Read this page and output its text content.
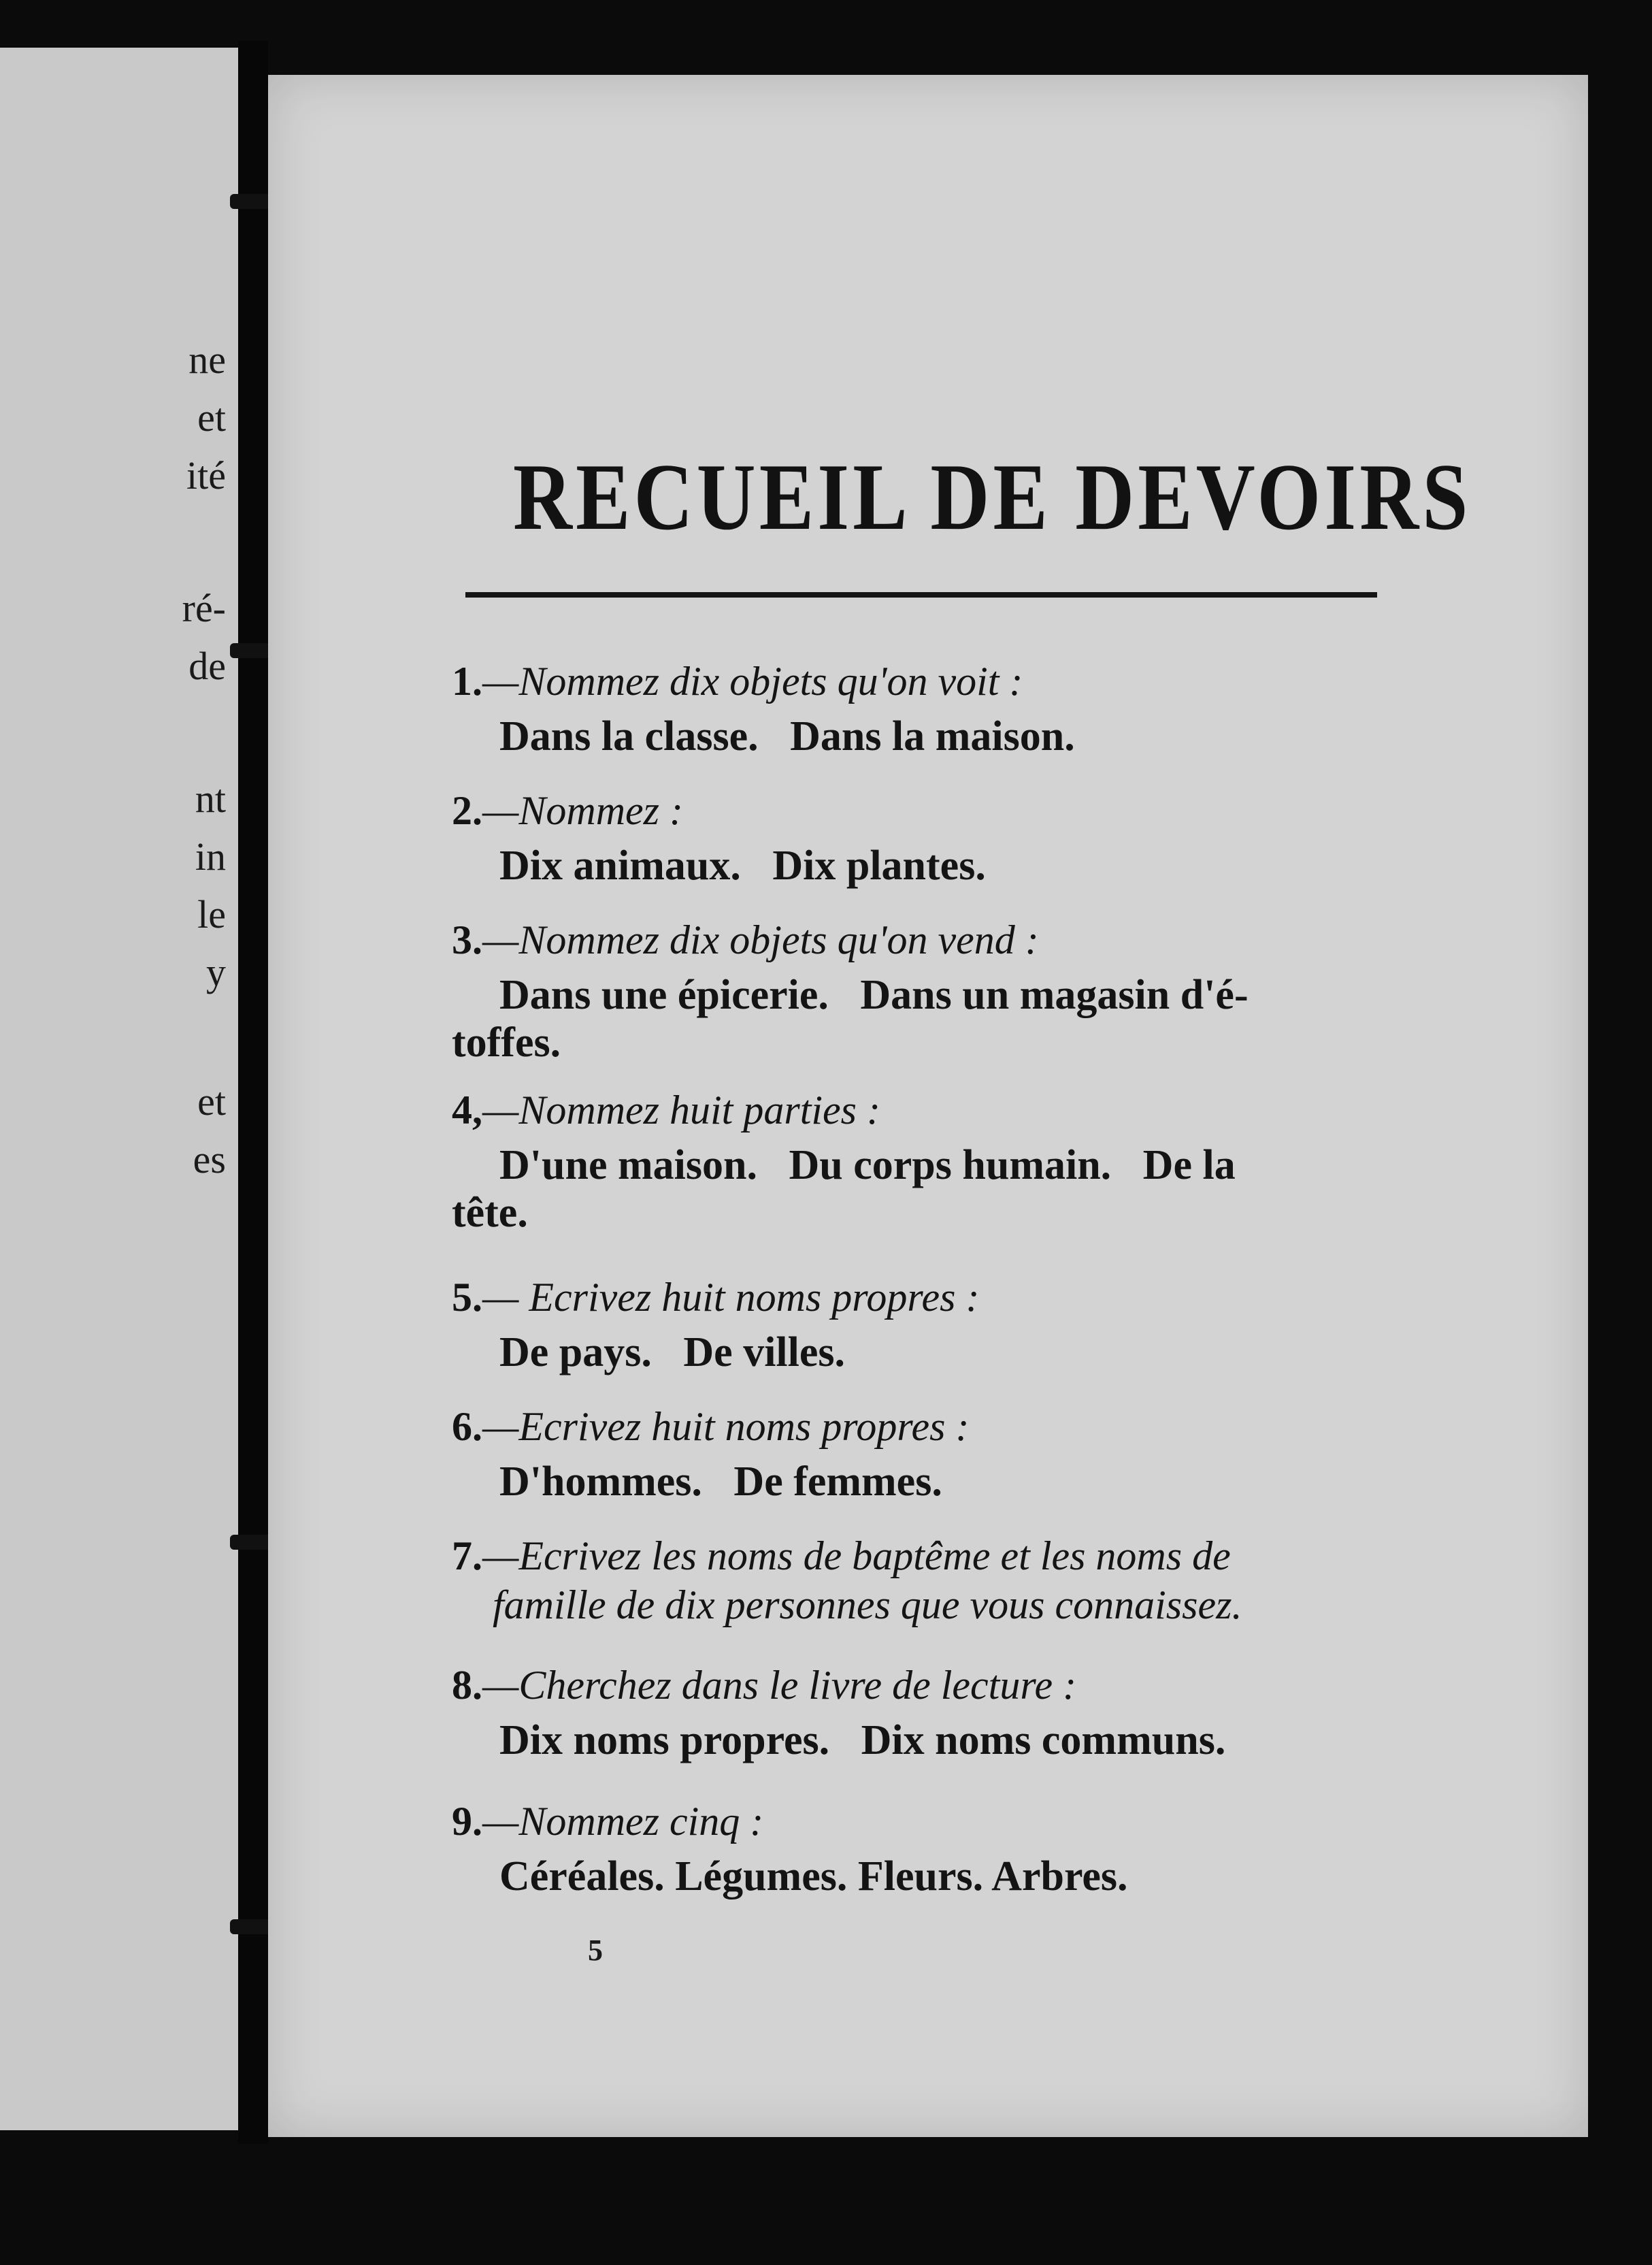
ne
et
ité
ré-
de
nt
in
le
y
et
es
RECUEIL DE DEVOIRS
1.—Nommez dix objets qu'on voit :
Dans la classe.   Dans la maison.
2.—Nommez :
Dix animaux.   Dix plantes.
3.—Nommez dix objets qu'on vend :
Dans une épicerie.   Dans un magasin d'é-
toffes.
4,—Nommez huit parties :
D'une maison.   Du corps humain.   De la
tête.
5.— Ecrivez huit noms propres :
De pays.   De villes.
6.—Ecrivez huit noms propres :
D'hommes.   De femmes.
7.—Ecrivez les noms de baptême et les noms de
famille de dix personnes que vous connaissez.
8.—Cherchez dans le livre de lecture :
Dix noms propres.   Dix noms communs.
9.—Nommez cinq :
Céréales. Légumes. Fleurs. Arbres.
5
